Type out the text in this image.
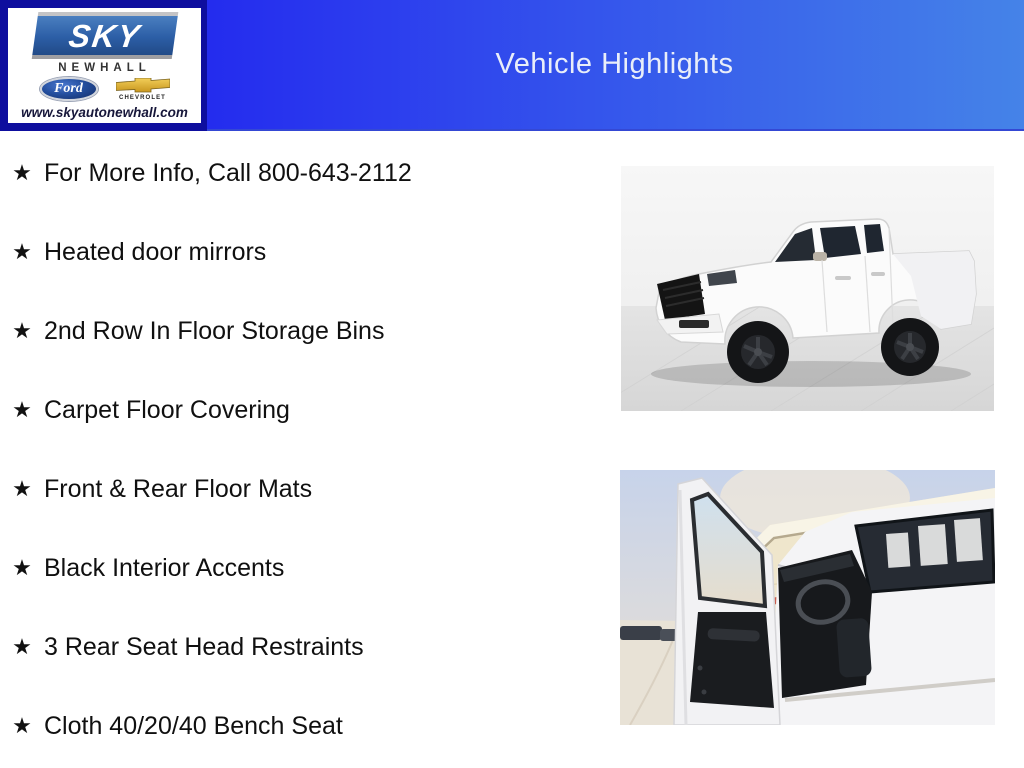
Vehicle Highlights
SKY
NEWHALL
Ford
CHEVROLET
www.skyautonewhall.com
★ For More Info, Call 800-643-2112
★ Heated door mirrors
★ 2nd Row In Floor Storage Bins
★ Carpet Floor Covering
★ Front & Rear Floor Mats
★ Black Interior Accents
★ 3 Rear Seat Head Restraints
★ Cloth 40/20/40 Bench Seat
